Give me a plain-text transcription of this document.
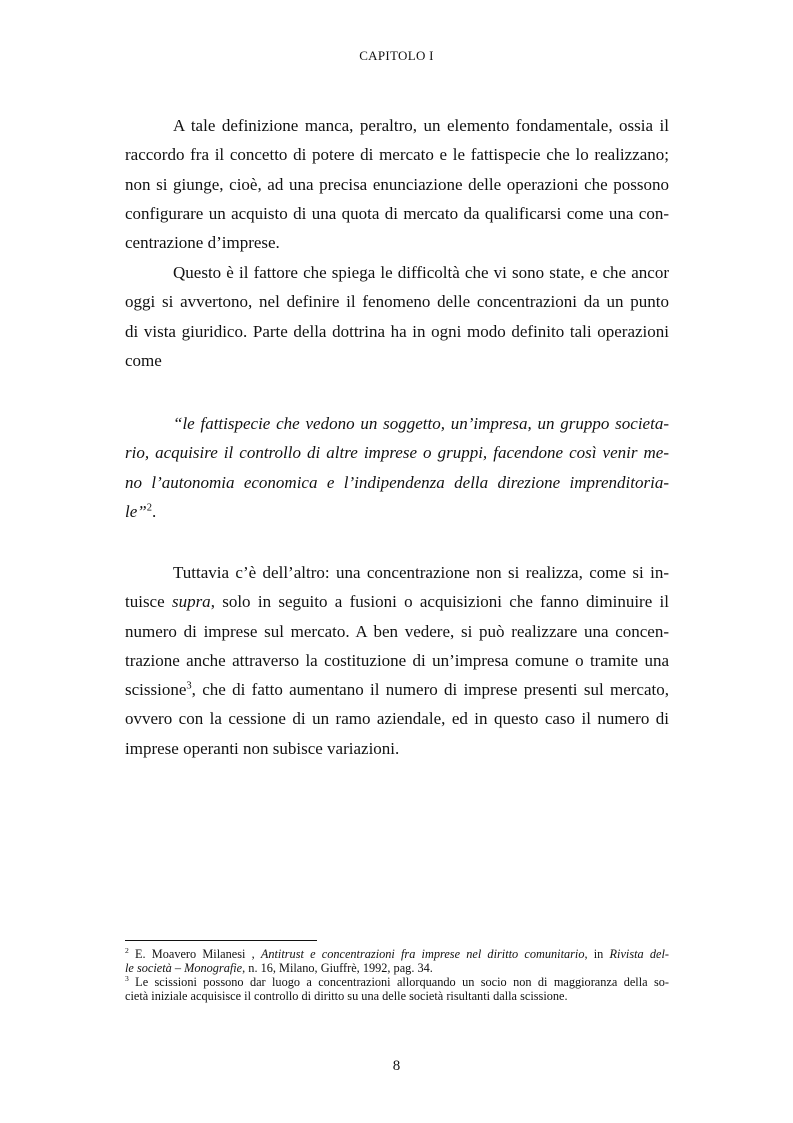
CAPITOLO I
A tale definizione manca, peraltro, un elemento fondamentale, ossia il
raccordo fra il concetto di potere di mercato e le fattispecie che lo realizzano;
non si giunge, cioè, ad una precisa enunciazione delle operazioni che possono
configurare un acquisto di una quota di mercato da qualificarsi come una con-
centrazione d’imprese.
Questo è il fattore che spiega le difficoltà che vi sono state, e che ancor
oggi si avvertono, nel definire il fenomeno delle concentrazioni da un punto
di vista giuridico. Parte della dottrina ha in ogni modo definito tali operazioni
come
“le fattispecie che vedono un soggetto, un’impresa, un gruppo societa-
rio, acquisire il controllo di altre imprese o gruppi, facendone così venir me-
no l’autonomia economica e l’indipendenza della direzione imprenditoria-
le”$^2$.
Tuttavia c’è dell’altro: una concentrazione non si realizza, come si in-
tuisce supra, solo in seguito a fusioni o acquisizioni che fanno diminuire il
numero di imprese sul mercato. A ben vedere, si può realizzare una concen-
trazione anche attraverso la costituzione di un’impresa comune o tramite una
scissione$^3$, che di fatto aumentano il numero di imprese presenti sul mercato,
ovvero con la cessione di un ramo aziendale, ed in questo caso il numero di
imprese operanti non subisce variazioni.

$^2$ E. Moavero Milanesi , Antitrust e concentrazioni fra imprese nel diritto comunitario, in Rivista del-
le società – Monografie, n. 16, Milano, Giuffrè, 1992, pag. 34.

$^3$ Le scissioni possono dar luogo a concentrazioni allorquando un socio non di maggioranza della so-
cietà iniziale acquisisce il controllo di diritto su una delle società risultanti dalla scissione.

8
